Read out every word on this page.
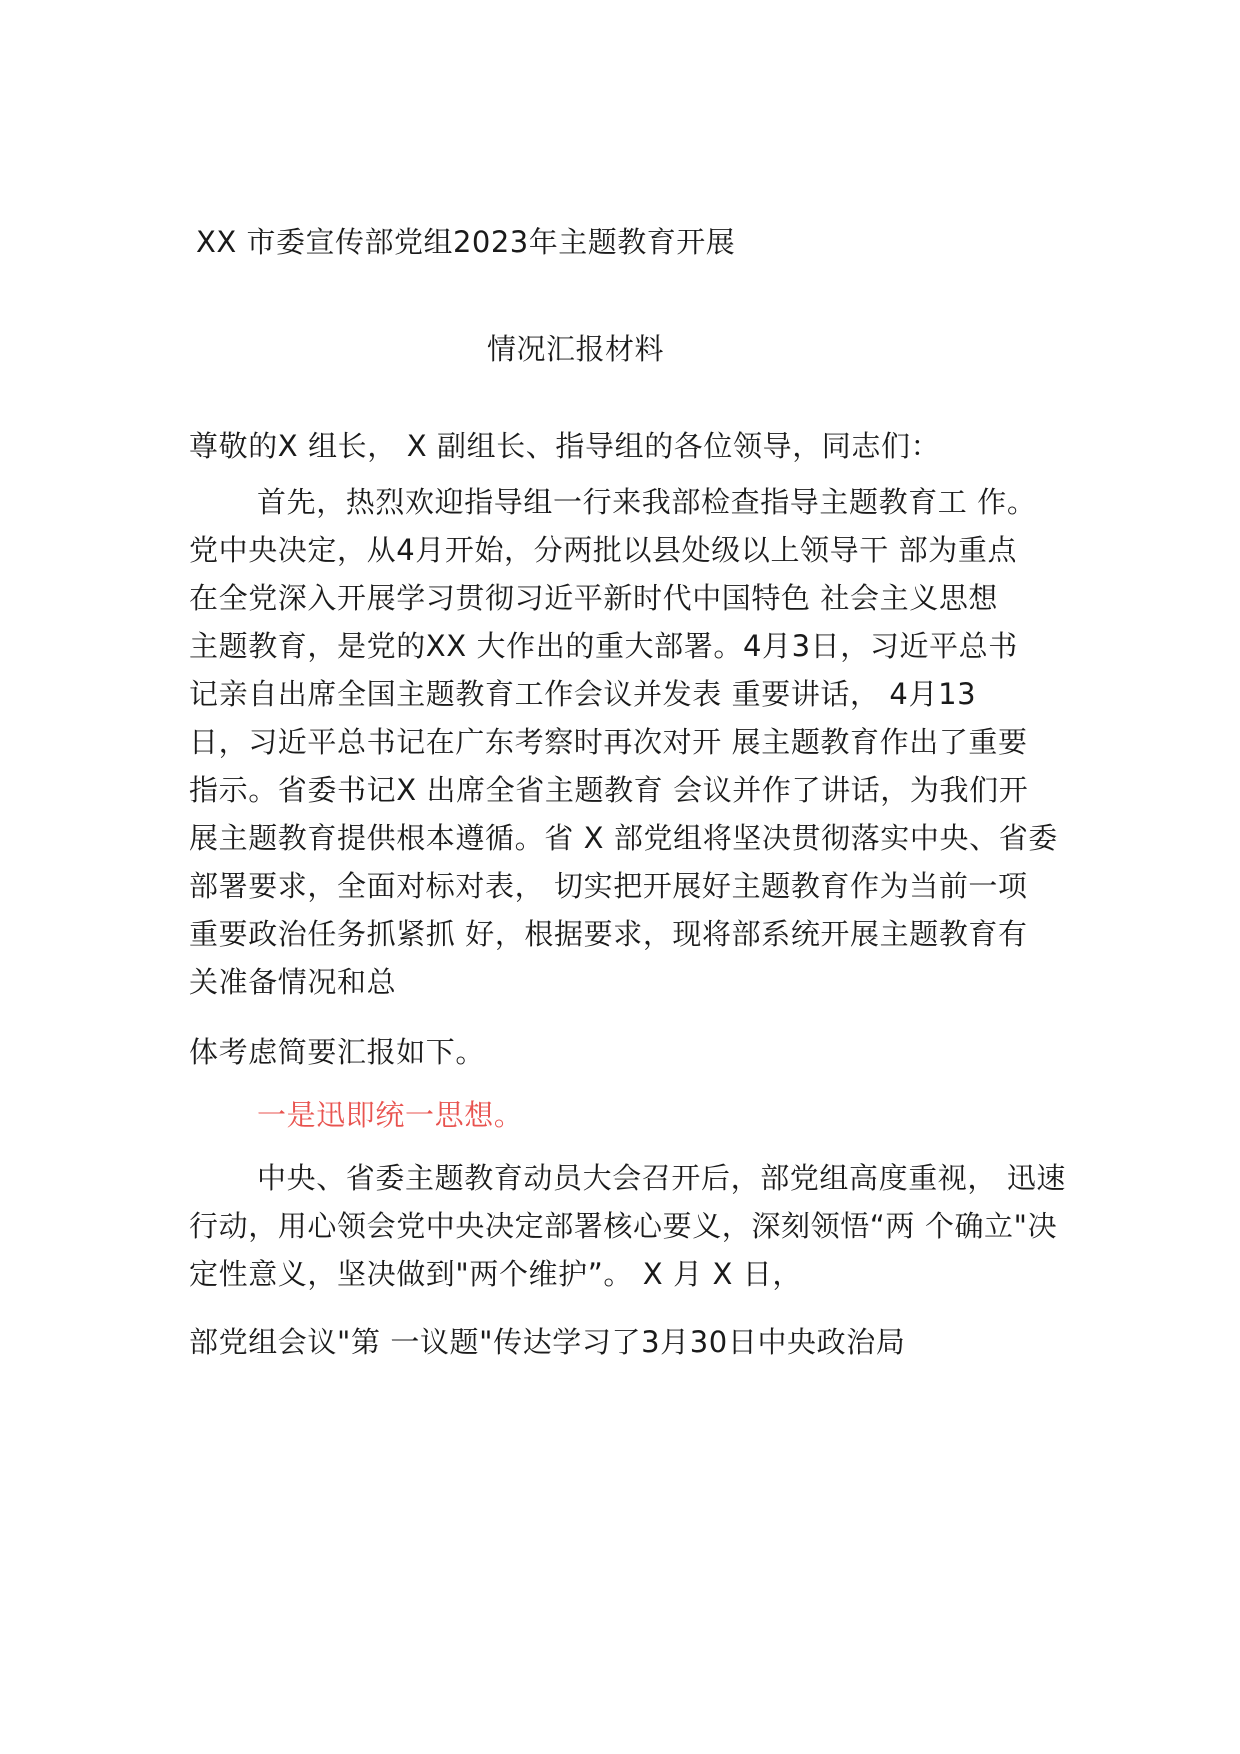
XX 市委宣传部党组2023年主题教育开展
情况汇报材料
尊敬的X 组长， X 副组长、指导组的各位领导，同志们：
首先，热烈欢迎指导组一行来我部检查指导主题教育工 作。
党中央决定，从4月开始，分两批以县处级以上领导干 部为重点
在全党深入开展学习贯彻习近平新时代中国特色 社会主义思想
主题教育，是党的XX 大作出的重大部署。4月3日，习近平总书
记亲自出席全国主题教育工作会议并发表 重要讲话， 4月13
日，习近平总书记在广东考察时再次对开 展主题教育作出了重要
指示。省委书记X 出席全省主题教育 会议并作了讲话，为我们开
展主题教育提供根本遵循。省 X 部党组将坚决贯彻落实中央、省委
部署要求，全面对标对表， 切实把开展好主题教育作为当前一项
重要政治任务抓紧抓 好，根据要求，现将部系统开展主题教育有
关准备情况和总
体考虑简要汇报如下。
一是迅即统一思想。
中央、省委主题教育动员大会召开后，部党组高度重视， 迅速
行动，用心领会党中央决定部署核心要义，深刻领悟“两 个确立"决
定性意义，坚决做到"两个维护”。 X 月 X 日，
部党组会议"第 一议题"传达学习了3月30日中央政治局
